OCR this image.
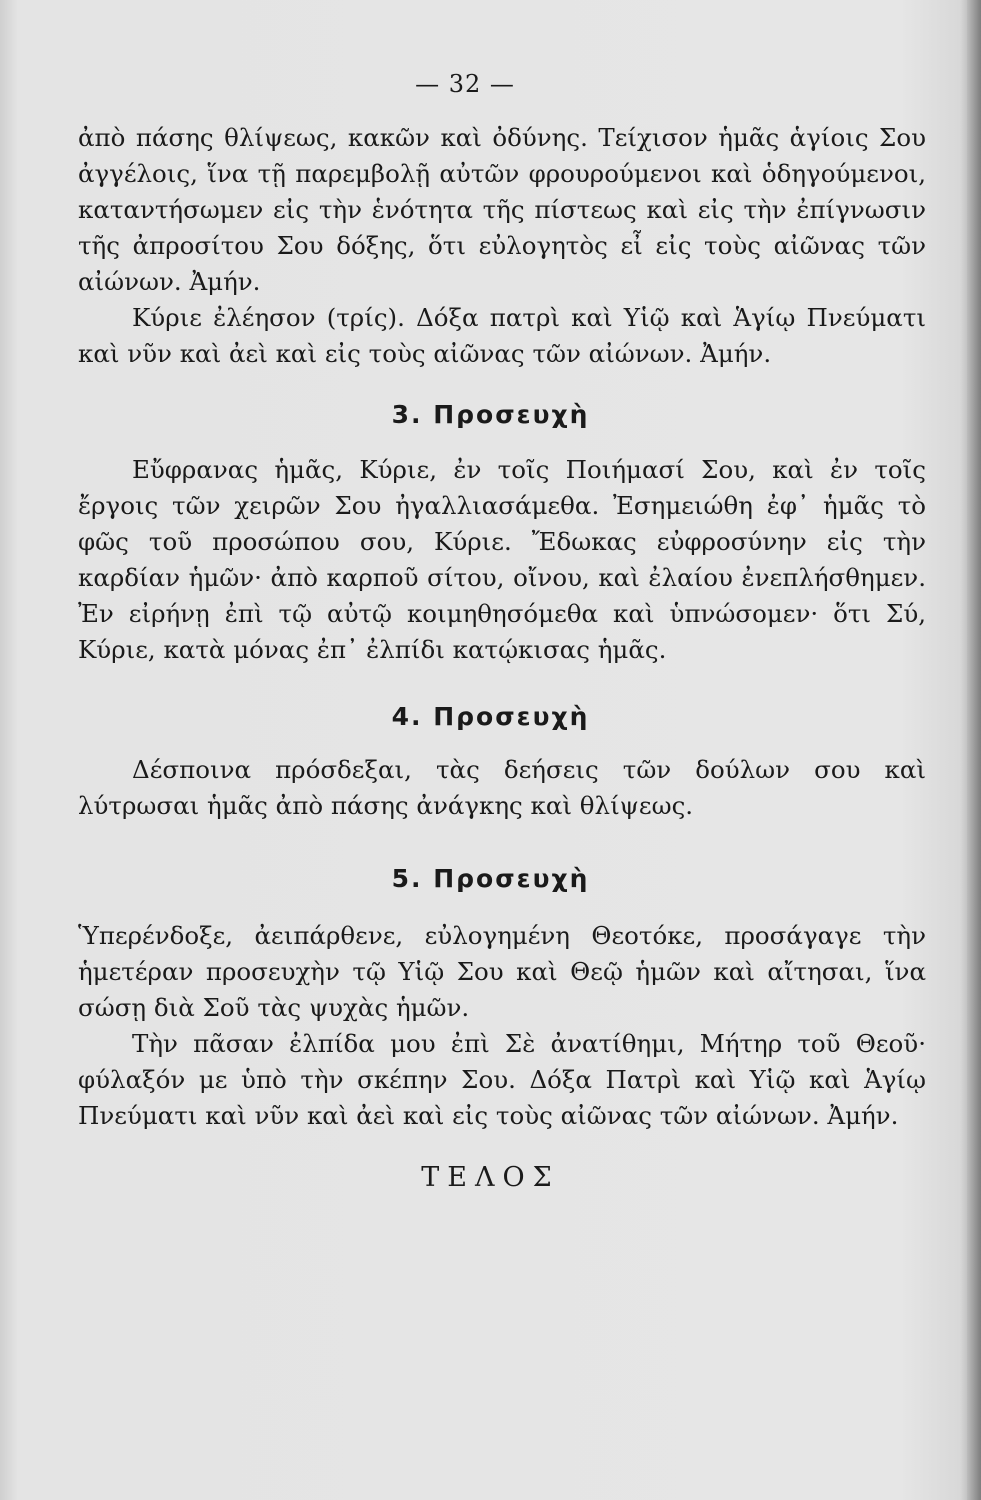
— 32 —

ἀπὸ πάσης θλίψεως, κακῶν καὶ ὀδύνης. Τείχισον ἡμᾶς ἁγίοις Σου ἀγγέλοις, ἵνα τῇ παρεμβολῇ αὐτῶν φρουρούμενοι καὶ ὁδηγούμενοι, καταντήσωμεν εἰς τὴν ἑνότητα τῆς πίστεως καὶ εἰς τὴν ἐπίγνωσιν τῆς ἀπροσίτου Σου δόξης, ὅτι εὐλογητὸς εἶ εἰς τοὺς αἰῶνας τῶν αἰώνων. Ἀμήν.

Κύριε ἐλέησον (τρίς). Δόξα πατρὶ καὶ Υἱῷ καὶ Ἁγίῳ Πνεύματι καὶ νῦν καὶ ἀεὶ καὶ εἰς τοὺς αἰῶνας τῶν αἰώνων. Ἀμήν.

3. Προσευχὴ

Εὔφρανας ἡμᾶς, Κύριε, ἐν τοῖς Ποιήμασί Σου, καὶ ἐν τοῖς ἔργοις τῶν χειρῶν Σου ἠγαλλιασάμεθα. Ἐσημειώθη ἐφ᾽ ἡμᾶς τὸ φῶς τοῦ προσώπου σου, Κύριε. Ἔδωκας εὐφροσύνην εἰς τὴν καρδίαν ἡμῶν· ἀπὸ καρποῦ σίτου, οἴνου, καὶ ἐλαίου ἐνεπλήσθημεν. Ἐν εἰρήνῃ ἐπὶ τῷ αὐτῷ κοιμηθησόμεθα καὶ ὑπνώσομεν· ὅτι Σύ, Κύριε, κατὰ μόνας ἐπ᾽ ἐλπίδι κατῴκισας ἡμᾶς.

4. Προσευχὴ

Δέσποινα πρόσδεξαι, τὰς δεήσεις τῶν δούλων σου καὶ λύτρωσαι ἡμᾶς ἀπὸ πάσης ἀνάγκης καὶ θλίψεως.

5. Προσευχὴ

Ὑπερένδοξε, ἀειπάρθενε, εὐλογημένη Θεοτόκε, προσάγαγε τὴν ἡμετέραν προσευχὴν τῷ Υἱῷ Σου καὶ Θεῷ ἡμῶν καὶ αἴτησαι, ἵνα σώσῃ διὰ Σοῦ τὰς ψυχὰς ἡμῶν.

Τὴν πᾶσαν ἐλπίδα μου ἐπὶ Σὲ ἀνατίθημι, Μήτηρ τοῦ Θεοῦ· φύλαξόν με ὑπὸ τὴν σκέπην Σου. Δόξα Πατρὶ καὶ Υἱῷ καὶ Ἁγίῳ Πνεύματι καὶ νῦν καὶ ἀεὶ καὶ εἰς τοὺς αἰῶνας τῶν αἰώνων. Ἀμήν.

ΤΕΛΟΣ
